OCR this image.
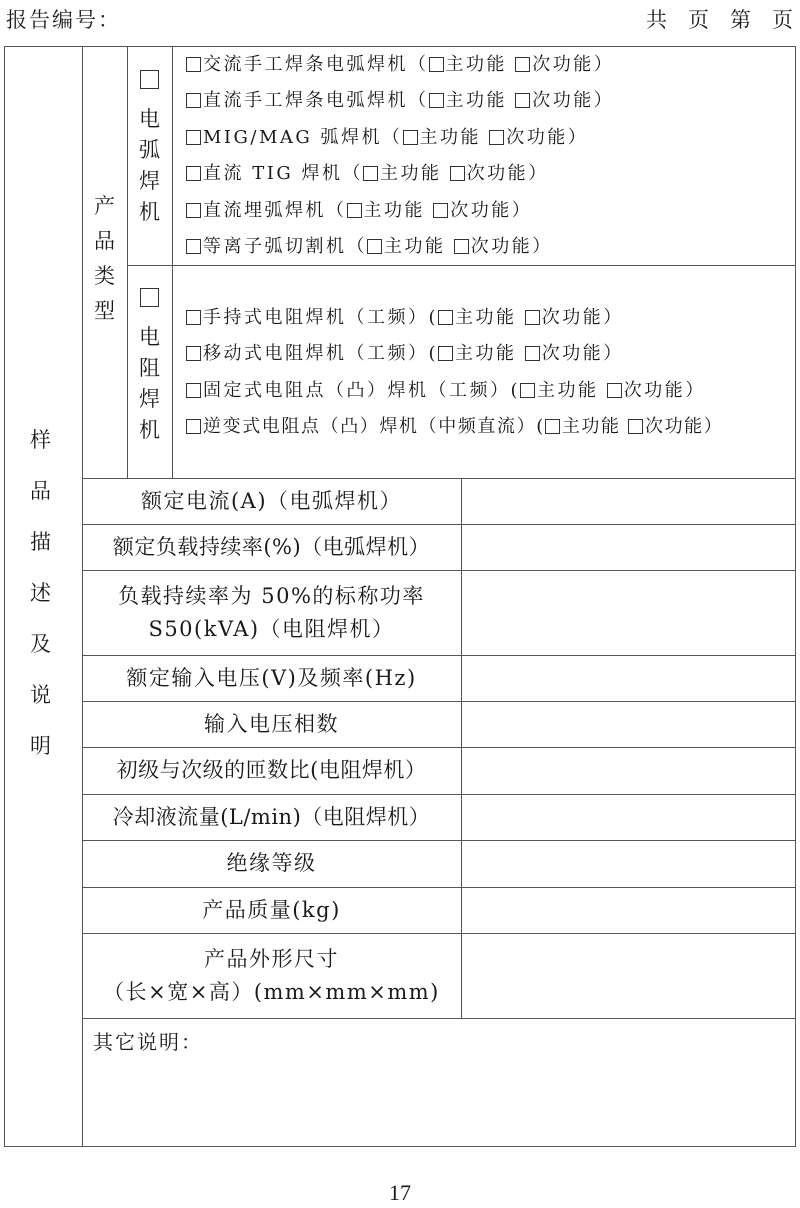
报告编号：	共 页 第 页
样
品
描
述
及
说
明
产
品
类
型
电
弧
焊
机
交流手工焊条电弧焊机（ 主功能 次功能）
直流手工焊条电弧焊机（ 主功能 次功能）
MIG/MAG 弧焊机（ 主功能 次功能）
直流 TIG 焊机（ 主功能 次功能）
直流埋弧焊机（ 主功能 次功能）
等离子弧切割机（ 主功能 次功能）
电
阻
焊
机
手持式电阻焊机（工频）( 主功能 次功能）
移动式电阻焊机（工频）( 主功能 次功能）
固定式电阻点（凸）焊机（工频）( 主功能 次功能）
逆变式电阻点（凸）焊机（中频直流）( 主功能 次功能）
额定电流(A)（电弧焊机）
额定负载持续率(%)（电弧焊机）
负载持续率为 50%的标称功率
S50(kVA)（电阻焊机）
额定输入电压(V)及频率(Hz)
输入电压相数
初级与次级的匝数比(电阻焊机）
冷却液流量(L/min)（电阻焊机）
绝缘等级
产品质量(kg)
产品外形尺寸
（长×宽×高）(mm×mm×mm)
其它说明：
17
